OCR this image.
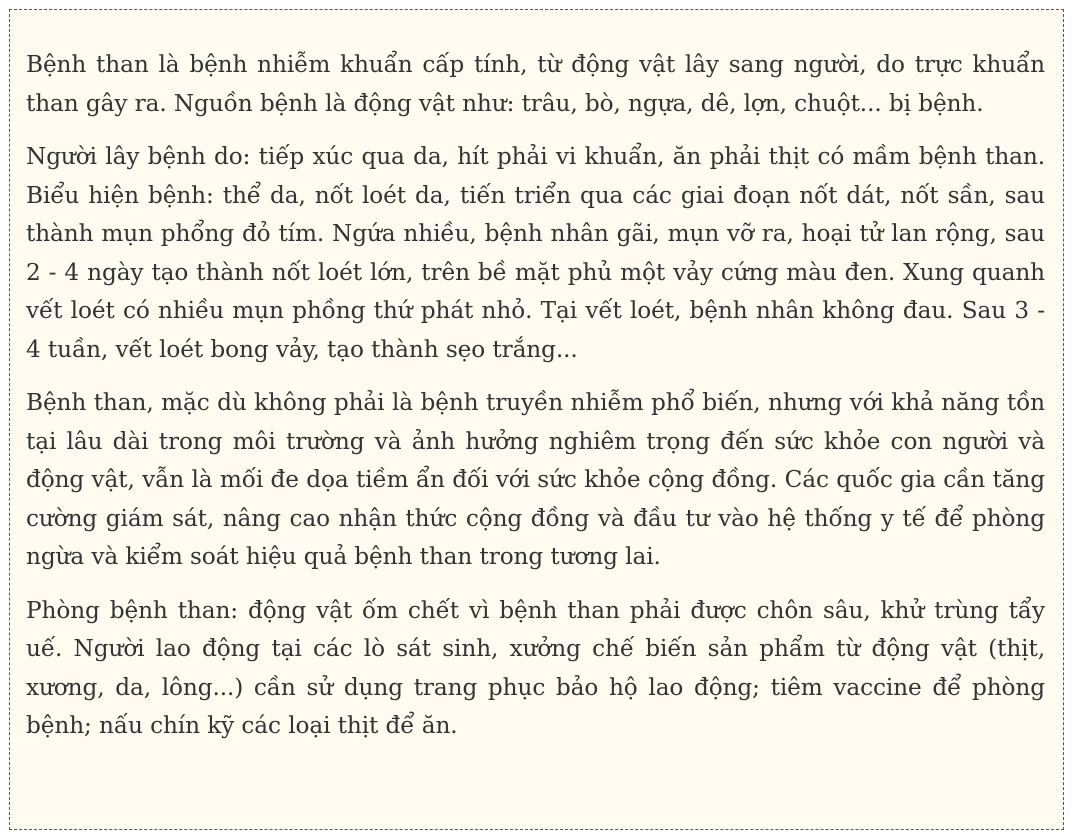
Bệnh than là bệnh nhiễm khuẩn cấp tính, từ động vật lây sang người, do trực khuẩn than gây ra. Nguồn bệnh là động vật như: trâu, bò, ngựa, dê, lợn, chuột... bị bệnh.

Người lây bệnh do: tiếp xúc qua da, hít phải vi khuẩn, ăn phải thịt có mầm bệnh than. Biểu hiện bệnh: thể da, nốt loét da, tiến triển qua các giai đoạn nốt dát, nốt sần, sau thành mụn phổng đỏ tím. Ngứa nhiều, bệnh nhân gãi, mụn vỡ ra, hoại tử lan rộng, sau 2 - 4 ngày tạo thành nốt loét lớn, trên bề mặt phủ một vảy cứng màu đen. Xung quanh vết loét có nhiều mụn phồng thứ phát nhỏ. Tại vết loét, bệnh nhân không đau. Sau 3 - 4 tuần, vết loét bong vảy, tạo thành sẹo trắng...

Bệnh than, mặc dù không phải là bệnh truyền nhiễm phổ biến, nhưng với khả năng tồn tại lâu dài trong môi trường và ảnh hưởng nghiêm trọng đến sức khỏe con người và động vật, vẫn là mối đe dọa tiềm ẩn đối với sức khỏe cộng đồng. Các quốc gia cần tăng cường giám sát, nâng cao nhận thức cộng đồng và đầu tư vào hệ thống y tế để phòng ngừa và kiểm soát hiệu quả bệnh than trong tương lai.

Phòng bệnh than: động vật ốm chết vì bệnh than phải được chôn sâu, khử trùng tẩy uế. Người lao động tại các lò sát sinh, xưởng chế biến sản phẩm từ động vật (thịt, xương, da, lông...) cần sử dụng trang phục bảo hộ lao động; tiêm vaccine để phòng bệnh; nấu chín kỹ các loại thịt để ăn.
